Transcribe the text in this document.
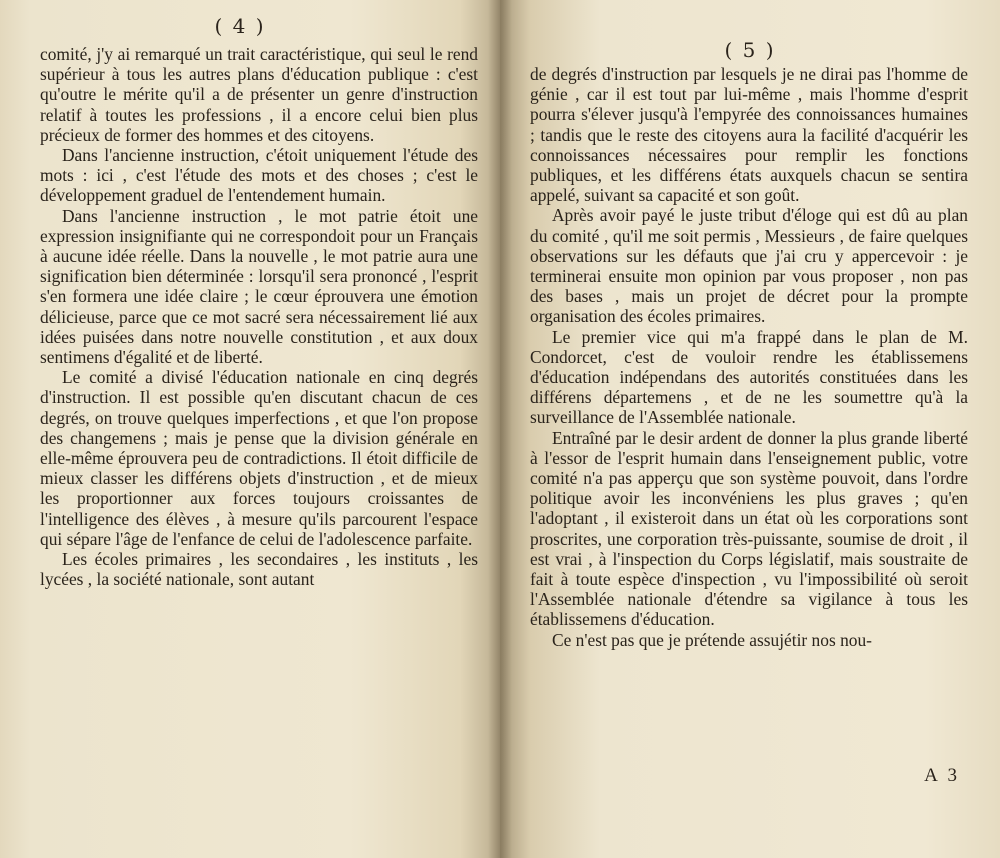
( 4 )
( 5 )

comité, j'y ai remarqué un trait caractéristique, qui seul le rend supérieur à tous les autres plans d'éducation publique : c'est qu'outre le mérite qu'il a de présenter un genre d'instruction relatif à toutes les professions , il a encore celui bien plus précieux de former des hommes et des citoyens.

Dans l'ancienne instruction, c'étoit uniquement l'étude des mots : ici , c'est l'étude des mots et des choses ; c'est le développement graduel de l'entendement humain.

Dans l'ancienne instruction , le mot patrie étoit une expression insignifiante qui ne correspondoit pour un Français à aucune idée réelle. Dans la nouvelle , le mot patrie aura une signification bien déterminée : lorsqu'il sera prononcé , l'esprit s'en formera une idée claire ; le cœur éprouvera une émotion délicieuse, parce que ce mot sacré sera nécessairement lié aux idées puisées dans notre nouvelle constitution , et aux doux sentimens d'égalité et de liberté.

Le comité a divisé l'éducation nationale en cinq degrés d'instruction. Il est possible qu'en discutant chacun de ces degrés, on trouve quelques imperfections , et que l'on propose des changemens ; mais je pense que la division générale en elle-même éprouvera peu de contradictions. Il étoit difficile de mieux classer les différens objets d'instruction , et de mieux les proportionner aux forces toujours croissantes de l'intelligence des élèves , à mesure qu'ils parcourent l'espace qui sépare l'âge de l'enfance de celui de l'adolescence parfaite.

Les écoles primaires , les secondaires , les instituts , les lycées , la société nationale, sont autant

de degrés d'instruction par lesquels je ne dirai pas l'homme de génie , car il est tout par lui-même , mais l'homme d'esprit pourra s'élever jusqu'à l'empyrée des connoissances humaines ; tandis que le reste des citoyens aura la facilité d'acquérir les connoissances nécessaires pour remplir les fonctions publiques, et les différens états auxquels chacun se sentira appelé, suivant sa capacité et son goût.

Après avoir payé le juste tribut d'éloge qui est dû au plan du comité , qu'il me soit permis , Messieurs , de faire quelques observations sur les défauts que j'ai cru y appercevoir : je terminerai ensuite mon opinion par vous proposer , non pas des bases , mais un projet de décret pour la prompte organisation des écoles primaires.

Le premier vice qui m'a frappé dans le plan de M. Condorcet, c'est de vouloir rendre les établissemens d'éducation indépendans des autorités constituées dans les différens départemens , et de ne les soumettre qu'à la surveillance de l'Assemblée nationale.

Entraîné par le desir ardent de donner la plus grande liberté à l'essor de l'esprit humain dans l'enseignement public, votre comité n'a pas apperçu que son système pouvoit, dans l'ordre politique avoir les inconvéniens les plus graves ; qu'en l'adoptant , il existeroit dans un état où les corporations sont proscrites, une corporation très-puissante, soumise de droit , il est vrai , à l'inspection du Corps législatif, mais soustraite de fait à toute espèce d'inspection , vu l'impossibilité où seroit l'Assemblée nationale d'étendre sa vigilance à tous les établissemens d'éducation.

Ce n'est pas que je prétende assujétir nos nou-

A 3
